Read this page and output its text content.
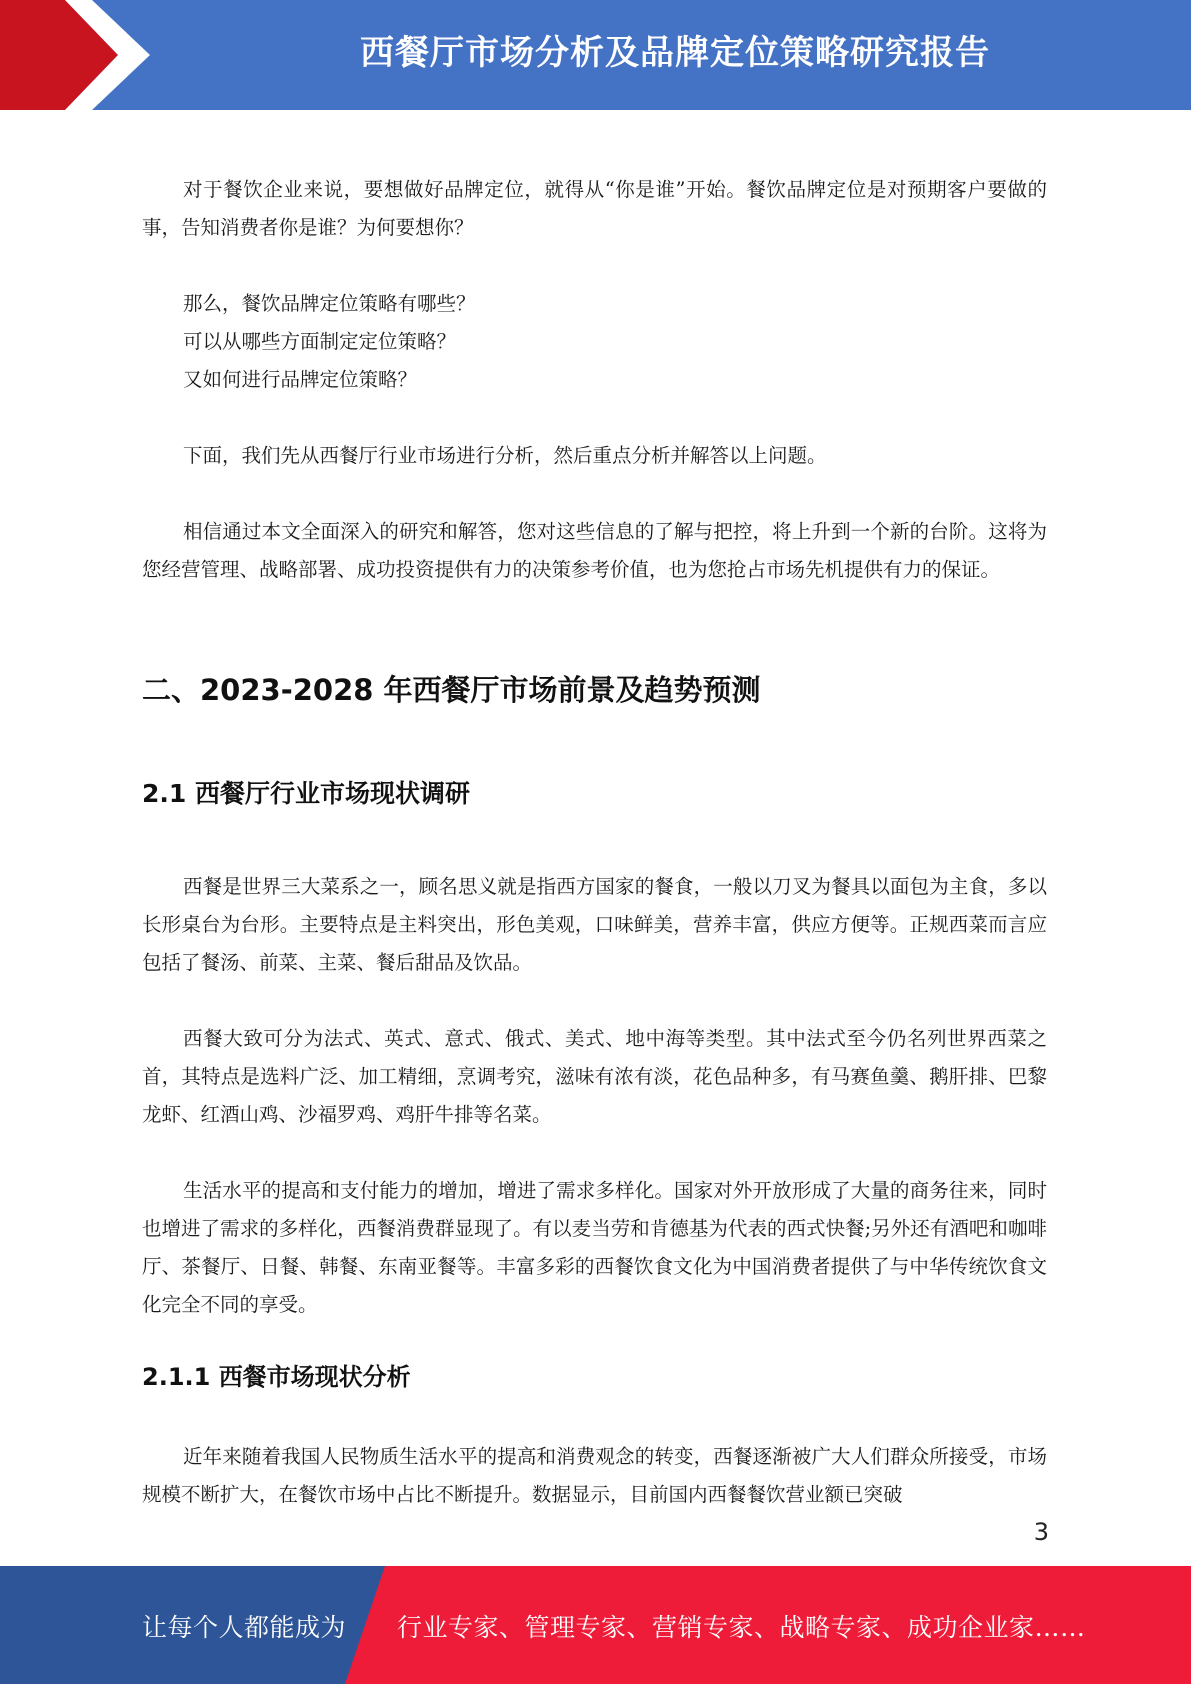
西餐厅市场分析及品牌定位策略研究报告

对于餐饮企业来说，要想做好品牌定位，就得从“你是谁”开始。餐饮品牌定位是对预期客户要做的事，告知消费者你是谁？为何要想你？

那么，餐饮品牌定位策略有哪些？

可以从哪些方面制定定位策略？

又如何进行品牌定位策略？

下面，我们先从西餐厅行业市场进行分析，然后重点分析并解答以上问题。

相信通过本文全面深入的研究和解答，您对这些信息的了解与把控，将上升到一个新的台阶。这将为您经营管理、战略部署、成功投资提供有力的决策参考价值，也为您抢占市场先机提供有力的保证。

二、2023-2028 年西餐厅市场前景及趋势预测
2.1 西餐厅行业市场现状调研

西餐是世界三大菜系之一，顾名思义就是指西方国家的餐食，一般以刀叉为餐具以面包为主食，多以长形桌台为台形。主要特点是主料突出，形色美观，口味鲜美，营养丰富，供应方便等。正规西菜而言应包括了餐汤、前菜、主菜、餐后甜品及饮品。

西餐大致可分为法式、英式、意式、俄式、美式、地中海等类型。其中法式至今仍名列世界西菜之首，其特点是选料广泛、加工精细，烹调考究，滋味有浓有淡，花色品种多，有马赛鱼羹、鹅肝排、巴黎龙虾、红酒山鸡、沙福罗鸡、鸡肝牛排等名菜。

生活水平的提高和支付能力的增加，增进了需求多样化。国家对外开放形成了大量的商务往来，同时也增进了需求的多样化，西餐消费群显现了。有以麦当劳和肯德基为代表的西式快餐;另外还有酒吧和咖啡厅、茶餐厅、日餐、韩餐、东南亚餐等。丰富多彩的西餐饮食文化为中国消费者提供了与中华传统饮食文化完全不同的享受。

2.1.1 西餐市场现状分析

近年来随着我国人民物质生活水平的提高和消费观念的转变，西餐逐渐被广大人们群众所接受，市场规模不断扩大，在餐饮市场中占比不断提升。数据显示，目前国内西餐餐饮营业额已突破

3
让每个人都能成为 行业专家、管理专家、营销专家、战略专家、成功企业家……
